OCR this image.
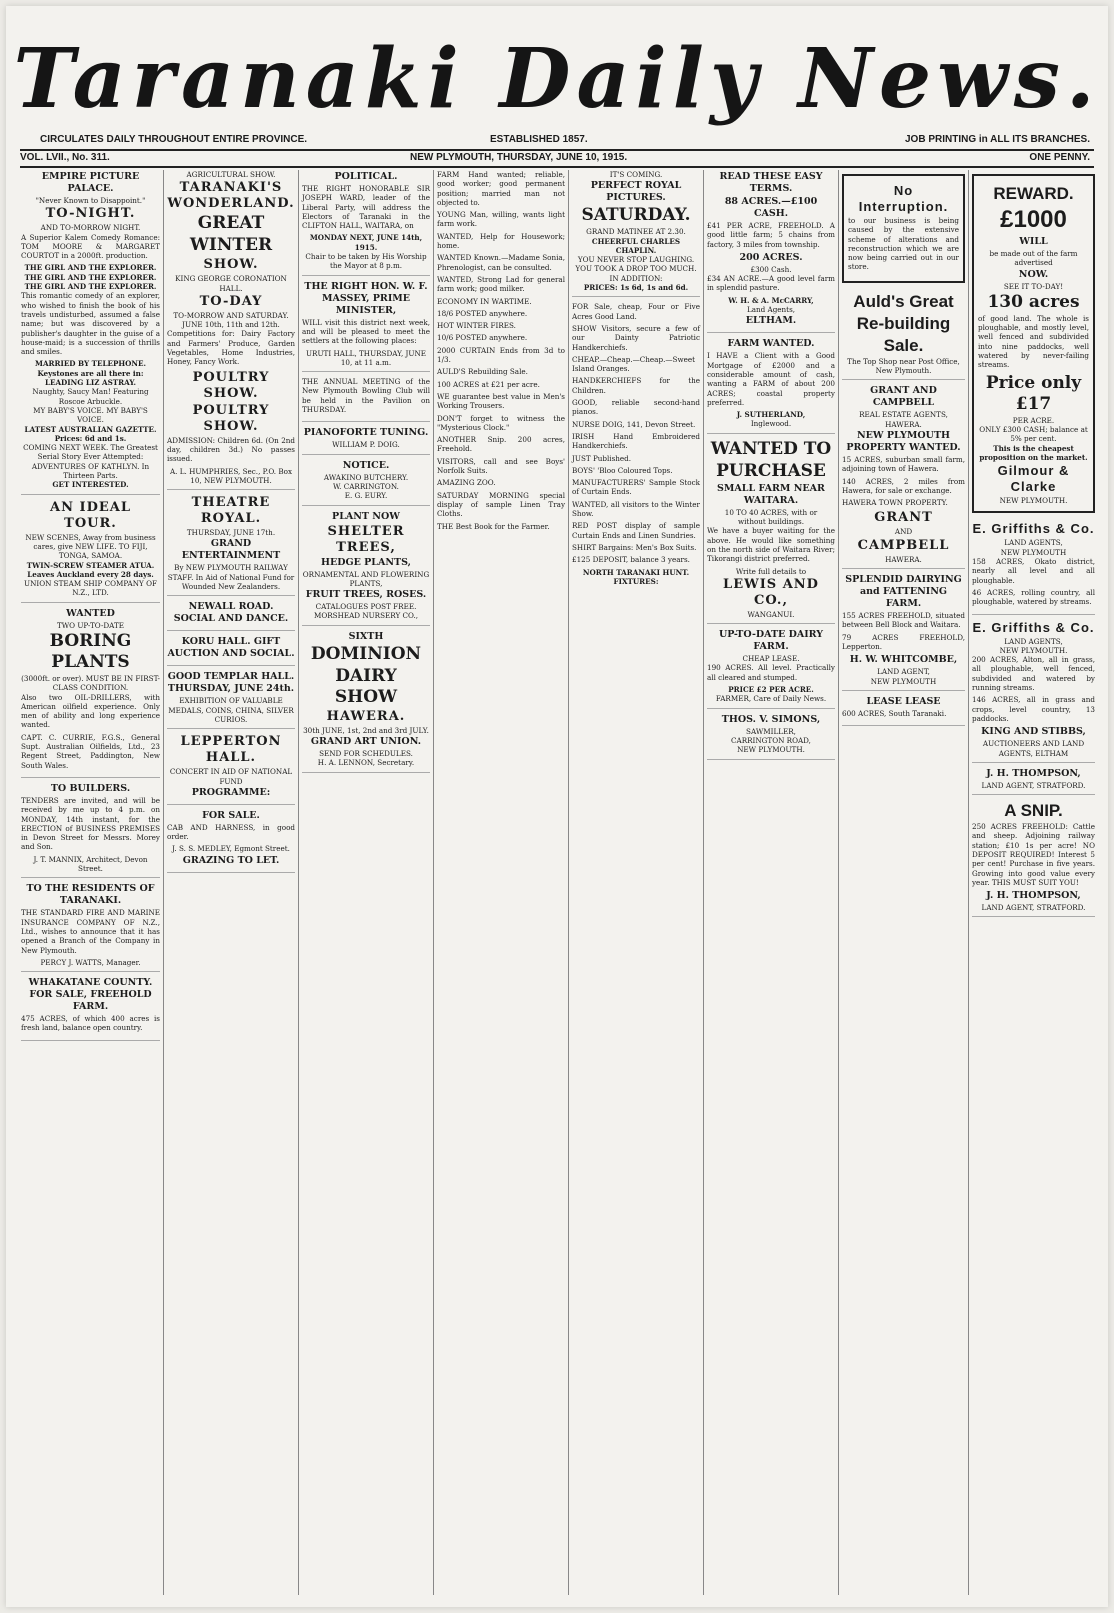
Taranaki Daily News.
CIRCULATES DAILY THROUGHOUT ENTIRE PROVINCE.	ESTABLISHED 1857.	JOB PRINTING in ALL ITS BRANCHES.
VOL. LVII., No. 311.	NEW PLYMOUTH, THURSDAY, JUNE 10, 1915.	ONE PENNY.
EMPIRE PICTURE PALACE.
"Never Known to Disappoint."
TO-NIGHT.
AND TO-MORROW NIGHT.
A Superior Kalem Comedy Romance: TOM MOORE & MARGARET COURTOT in a 2000ft. production.
THE GIRL AND THE EXPLORER. THE GIRL AND THE EXPLORER. THE GIRL AND THE EXPLORER.
This romantic comedy of an explorer, who wished to finish the book of his travels undisturbed, assumed a false name; but was discovered by a publisher's daughter in the guise of a house-maid; is a succession of thrills and smiles.
MARRIED BY TELEPHONE. Keystones are all there in: LEADING LIZ ASTRAY.
Naughty, Saucy Man! Featuring Roscoe Arbuckle.
MY BABY'S VOICE. MY BABY'S VOICE.
LATEST AUSTRALIAN GAZETTE. Prices: 6d and 1s.
COMING NEXT WEEK. The Greatest Serial Story Ever Attempted: ADVENTURES OF KATHLYN. In Thirteen Parts.
GET INTERESTED.
AN IDEAL TOUR.
NEW SCENES, Away from business cares, give NEW LIFE. TO FIJI, TONGA, SAMOA.
TWIN-SCREW STEAMER ATUA. Leaves Auckland every 28 days.
UNION STEAM SHIP COMPANY OF N.Z., LTD.
WANTED
TWO UP-TO-DATE
BORING PLANTS
(3000ft. or over). MUST BE IN FIRST-CLASS CONDITION.
Also two OIL-DRILLERS, with American oilfield experience. Only men of ability and long experience wanted.
CAPT. C. CURRIE, F.G.S., General Supt. Australian Oilfields, Ltd., 23 Regent Street, Paddington, New South Wales.
TO BUILDERS.
TENDERS are invited, and will be received by me up to 4 p.m. on MONDAY, 14th instant, for the ERECTION of BUSINESS PREMISES in Devon Street for Messrs. Morey and Son.
J. T. MANNIX, Architect, Devon Street.
TO THE RESIDENTS OF TARANAKI.
THE STANDARD FIRE AND MARINE INSURANCE COMPANY OF N.Z., Ltd., wishes to announce that it has opened a Branch of the Company in New Plymouth.
PERCY J. WATTS, Manager.
WHAKATANE COUNTY. FOR SALE, FREEHOLD FARM.
475 ACRES, of which 400 acres is fresh land, balance open country.
AGRICULTURAL SHOW.
TARANAKI'S WONDERLAND.
GREAT
WINTER
SHOW.
KING GEORGE CORONATION HALL.
TO-DAY
TO-MORROW AND SATURDAY.
JUNE 10th, 11th and 12th.
Competitions for: Dairy Factory and Farmers' Produce, Garden Vegetables, Home Industries, Honey, Fancy Work.
POULTRY SHOW.
POULTRY SHOW.
ADMISSION: Children 6d. (On 2nd day, children 3d.) No passes issued.
A. L. HUMPHRIES, Sec., P.O. Box 10, NEW PLYMOUTH.
THEATRE ROYAL.
THURSDAY, JUNE 17th.
GRAND ENTERTAINMENT
By NEW PLYMOUTH RAILWAY STAFF. In Aid of National Fund for Wounded New Zealanders.
NEWALL ROAD. SOCIAL AND DANCE.
KORU HALL. GIFT AUCTION AND SOCIAL.
GOOD TEMPLAR HALL. THURSDAY, JUNE 24th.
EXHIBITION OF VALUABLE MEDALS, COINS, CHINA, SILVER CURIOS.
LEPPERTON HALL.
CONCERT IN AID OF NATIONAL FUND
PROGRAMME:
FOR SALE.
CAB AND HARNESS, in good order.
J. S. S. MEDLEY, Egmont Street.
GRAZING TO LET.
POLITICAL.
THE RIGHT HONORABLE SIR JOSEPH WARD, leader of the Liberal Party, will address the Electors of Taranaki in the CLIFTON HALL, WAITARA, on
MONDAY NEXT, JUNE 14th, 1915.
Chair to be taken by His Worship the Mayor at 8 p.m.
THE RIGHT HON. W. F. MASSEY, PRIME MINISTER,
WILL visit this district next week, and will be pleased to meet the settlers at the following places:
URUTI HALL, THURSDAY, JUNE 10, at 11 a.m.
THE ANNUAL MEETING of the New Plymouth Bowling Club will be held in the Pavilion on THURSDAY.
PIANOFORTE TUNING.
WILLIAM P. DOIG.
NOTICE.
AWAKINO BUTCHERY.
W. CARRINGTON.
E. G. EURY.
PLANT NOW
SHELTER TREES,
HEDGE PLANTS,
ORNAMENTAL AND FLOWERING PLANTS,
FRUIT TREES, ROSES.
CATALOGUES POST FREE.
MORSHEAD NURSERY CO.,
SIXTH
DOMINION
DAIRY SHOW
HAWERA.
30th JUNE, 1st, 2nd and 3rd JULY.
GRAND ART UNION.
SEND FOR SCHEDULES.
H. A. LENNON, Secretary.
FARM Hand wanted; reliable, good worker; good permanent position; married man not objected to.
YOUNG Man, willing, wants light farm work.
WANTED, Help for Housework; home.
WANTED Known.—Madame Sonia, Phrenologist, can be consulted.
WANTED, Strong Lad for general farm work; good milker.
ECONOMY IN WARTIME.
18/6 POSTED anywhere.
HOT WINTER FIRES.
10/6 POSTED anywhere.
2000 CURTAIN Ends from 3d to 1/3.
AULD'S Rebuilding Sale.
100 ACRES at £21 per acre.
WE guarantee best value in Men's Working Trousers.
DON'T forget to witness the "Mysterious Clock."
ANOTHER Snip. 200 acres, Freehold.
VISITORS, call and see Boys' Norfolk Suits.
AMAZING ZOO.
SATURDAY MORNING special display of sample Linen Tray Cloths.
THE Best Book for the Farmer.
IT'S COMING.
PERFECT ROYAL PICTURES.
SATURDAY.
GRAND MATINEE AT 2.30.
CHEERFUL CHARLES CHAPLIN.
YOU NEVER STOP LAUGHING.
YOU TOOK A DROP TOO MUCH.
IN ADDITION:
PRICES: 1s 6d, 1s and 6d.
FOR Sale, cheap, Four or Five Acres Good Land.
SHOW Visitors, secure a few of our Dainty Patriotic Handkerchiefs.
CHEAP.—Cheap.—Cheap.—Sweet Island Oranges.
HANDKERCHIEFS for the Children.
GOOD, reliable second-hand pianos.
NURSE DOIG, 141, Devon Street.
IRISH Hand Embroidered Handkerchiefs.
JUST Published.
BOYS' 'Bloo Coloured Tops.
MANUFACTURERS' Sample Stock of Curtain Ends.
WANTED, all visitors to the Winter Show.
RED POST display of sample Curtain Ends and Linen Sundries.
SHIRT Bargains: Men's Box Suits.
£125 DEPOSIT, balance 3 years.
NORTH TARANAKI HUNT. FIXTURES:
READ THESE EASY TERMS.
88 ACRES.—£100 CASH.
£41 PER ACRE, FREEHOLD. A good little farm; 5 chains from factory, 3 miles from township.
200 ACRES.
£300 Cash.
£34 AN ACRE.—A good level farm in splendid pasture.
W. H. & A. McCARRY,
Land Agents,
ELTHAM.
FARM WANTED.
I HAVE a Client with a Good Mortgage of £2000 and a considerable amount of cash, wanting a FARM of about 200 ACRES; coastal property preferred.
J. SUTHERLAND,
Inglewood.
WANTED TO
PURCHASE
SMALL FARM NEAR WAITARA.
10 TO 40 ACRES, with or
without buildings.
We have a buyer waiting for the above. He would like something on the north side of Waitara River; Tikorangi district preferred.
Write full details to
LEWIS AND CO.,
WANGANUI.
UP-TO-DATE DAIRY FARM.
CHEAP LEASE.
190 ACRES. All level. Practically all cleared and stumped.
PRICE £2 PER ACRE.
FARMER, Care of Daily News.
THOS. V. SIMONS,
SAWMILLER,
CARRINGTON ROAD,
NEW PLYMOUTH.
No Interruption.
to our business is being caused by the extensive scheme of alterations and reconstruction which we are now being carried out in our store.
Auld's Great
Re-building
Sale.
The Top Shop near Post Office, New Plymouth.
GRANT AND CAMPBELL
REAL ESTATE AGENTS,
HAWERA.
NEW PLYMOUTH PROPERTY WANTED.
15 ACRES, suburban small farm, adjoining town of Hawera.
140 ACRES, 2 miles from Hawera, for sale or exchange.
HAWERA TOWN PROPERTY.
GRANT
AND
CAMPBELL
HAWERA.
SPLENDID DAIRYING and FATTENING FARM.
155 ACRES FREEHOLD, situated between Bell Block and Waitara.
79 ACRES FREEHOLD, Lepperton.
H. W. WHITCOMBE,
LAND AGENT,
NEW PLYMOUTH
LEASE LEASE
600 ACRES, South Taranaki.
REWARD.
£1000
WILL
be made out of the farm advertised
NOW.
SEE IT TO-DAY!
130 acres
of good land. The whole is ploughable, and mostly level, well fenced and subdivided into nine paddocks, well watered by never-failing streams.
Price only £17
PER ACRE.
ONLY £300 CASH; balance at 5% per cent.
This is the cheapest proposition on the market.
Gilmour & Clarke
NEW PLYMOUTH.
E. Griffiths & Co.
LAND AGENTS,
NEW PLYMOUTH
158 ACRES, Okato district, nearly all level and all ploughable.
46 ACRES, rolling country, all ploughable, watered by streams.
E. Griffiths & Co.
LAND AGENTS,
NEW PLYMOUTH.
200 ACRES, Alton, all in grass, all ploughable, well fenced, subdivided and watered by running streams.
146 ACRES, all in grass and crops, level country, 13 paddocks.
KING AND STIBBS,
AUCTIONEERS AND LAND AGENTS, ELTHAM
J. H. THOMPSON,
LAND AGENT, STRATFORD.
A SNIP.
250 ACRES FREEHOLD: Cattle and sheep. Adjoining railway station; £10 1s per acre! NO DEPOSIT REQUIRED! Interest 5 per cent! Purchase in five years. Growing into good value every year. THIS MUST SUIT YOU!
J. H. THOMPSON,
LAND AGENT, STRATFORD.
